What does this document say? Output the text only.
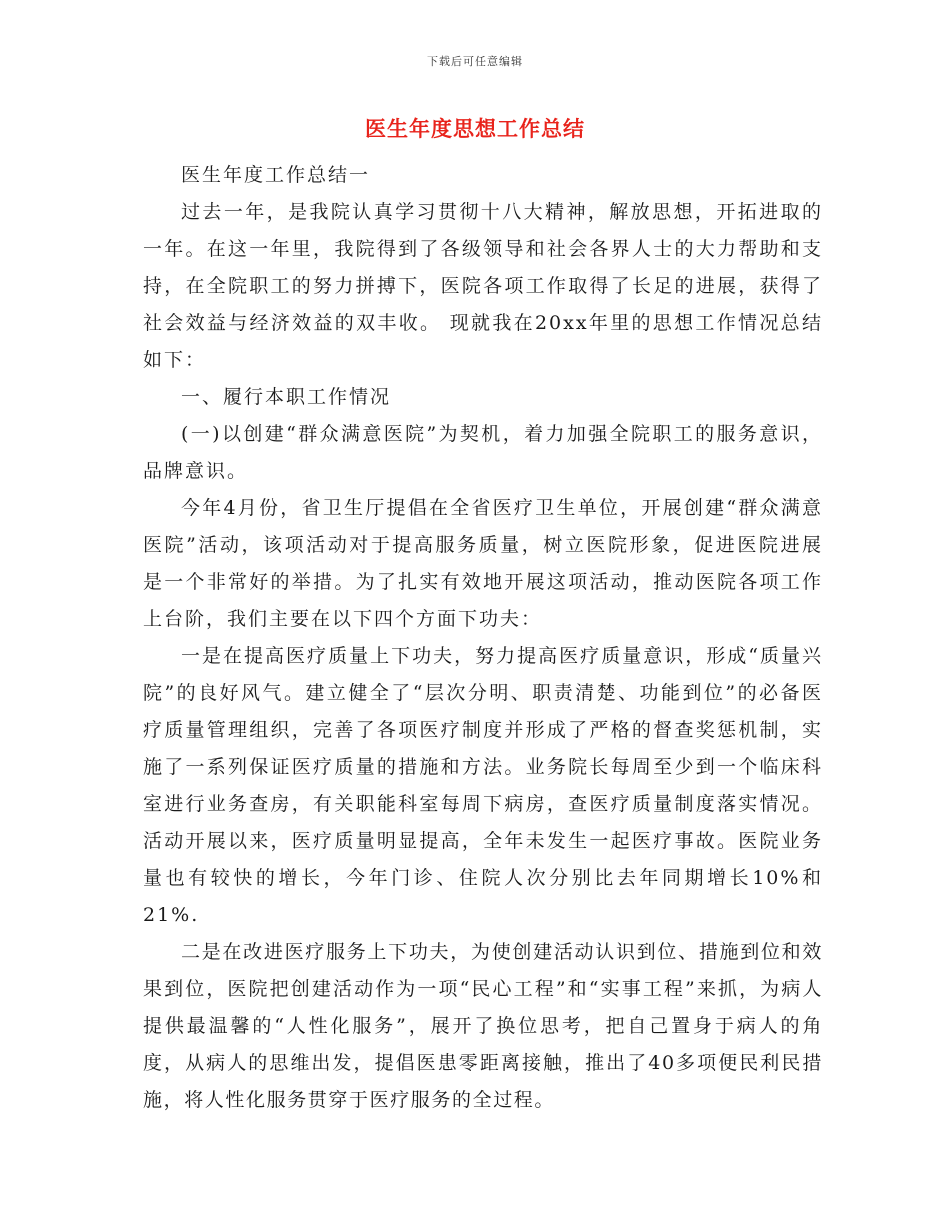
下载后可任意编辑
医生年度思想工作总结

医生年度工作总结一

过去一年，是我院认真学习贯彻十八大精神，解放思想，开拓进取的一年。在这一年里，我院得到了各级领导和社会各界人士的大力帮助和支持，在全院职工的努力拼搏下，医院各项工作取得了长足的进展，获得了社会效益与经济效益的双丰收。 现就我在20xx年里的思想工作情况总结如下：

一、履行本职工作情况

(一)以创建“群众满意医院”为契机，着力加强全院职工的服务意识，品牌意识。

今年4月份，省卫生厅提倡在全省医疗卫生单位，开展创建“群众满意医院”活动，该项活动对于提高服务质量，树立医院形象，促进医院进展是一个非常好的举措。为了扎实有效地开展这项活动，推动医院各项工作上台阶，我们主要在以下四个方面下功夫：

一是在提高医疗质量上下功夫，努力提高医疗质量意识，形成“质量兴院”的良好风气。建立健全了“层次分明、职责清楚、功能到位”的必备医疗质量管理组织，完善了各项医疗制度并形成了严格的督查奖惩机制，实施了一系列保证医疗质量的措施和方法。业务院长每周至少到一个临床科室进行业务查房，有关职能科室每周下病房，查医疗质量制度落实情况。活动开展以来，医疗质量明显提高，全年未发生一起医疗事故。医院业务量也有较快的增长，今年门诊、住院人次分别比去年同期增长10%和21%.

二是在改进医疗服务上下功夫，为使创建活动认识到位、措施到位和效果到位，医院把创建活动作为一项“民心工程”和“实事工程”来抓，为病人提供最温馨的“人性化服务”，展开了换位思考，把自己置身于病人的角度，从病人的思维出发，提倡医患零距离接触，推出了40多项便民利民措施，将人性化服务贯穿于医疗服务的全过程。
